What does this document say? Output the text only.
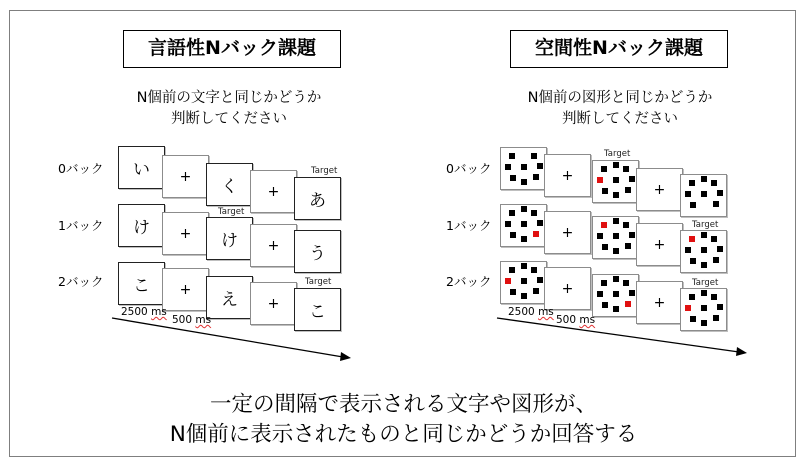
言語性Nバック課題
N個前の文字と同じかどうか
判断してください
0バック い +
く +
Target
あ
1バック け +
Target
け + う
2バック こ +
え +
Target
こ
2500 ms
500 ms
空間性Nバック課題
N個前の図形と同じかどうか
判断してください
0バック
1バック
2バック
+
Target
+
+
+
Target
+
+
Target
2500 ms
500 ms
一定の間隔で表示される文字や図形が、
N個前に表示されたものと同じかどうか回答する
